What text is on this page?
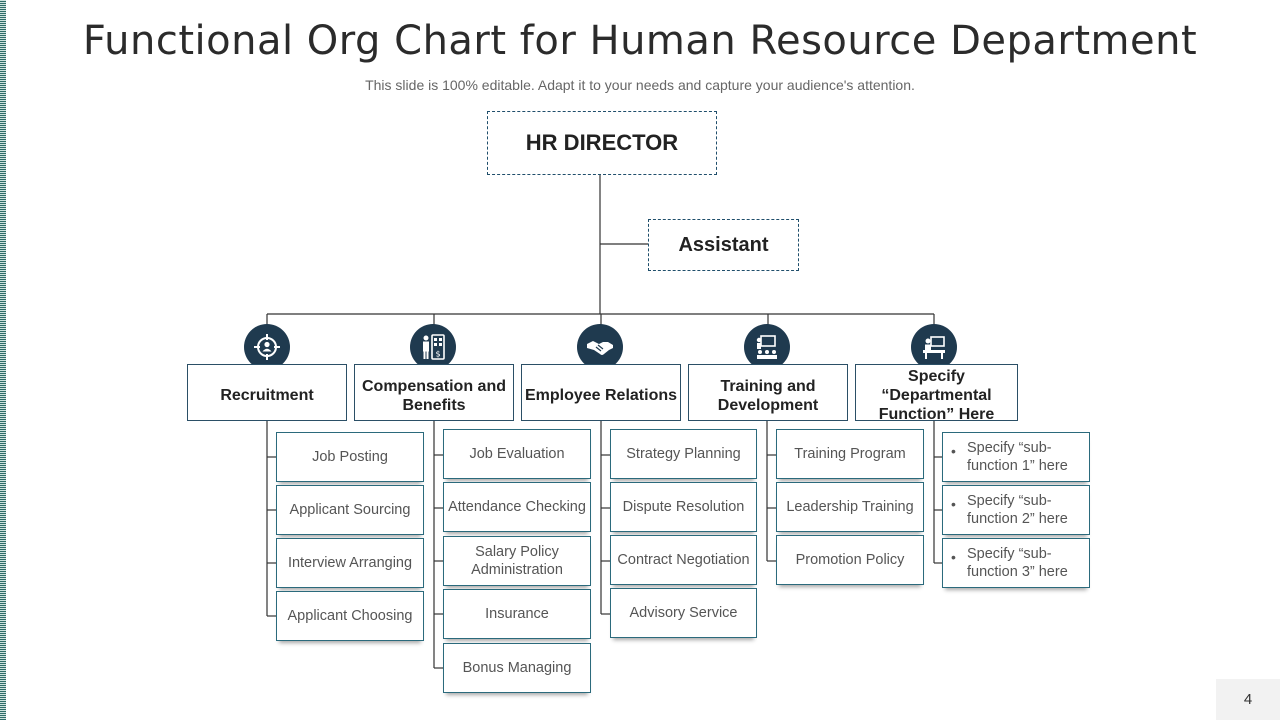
Functional Org Chart for Human Resource Department
This slide is 100% editable. Adapt it to your needs and capture your audience's attention.
HR DIRECTOR
Assistant
$
Recruitment
Compensation and Benefits
Employee Relations
Training and Development
Specify “Departmental Function” Here
Job Posting
Applicant Sourcing
Interview Arranging
Applicant Choosing
Job Evaluation
Attendance Checking
Salary Policy Administration
Insurance
Bonus Managing
Strategy Planning
Dispute Resolution
Contract Negotiation
Advisory Service
Training Program
Leadership Training
Promotion Policy
• Specify “sub-function 1” here
• Specify “sub-function 2” here
• Specify “sub-function 3” here
4
